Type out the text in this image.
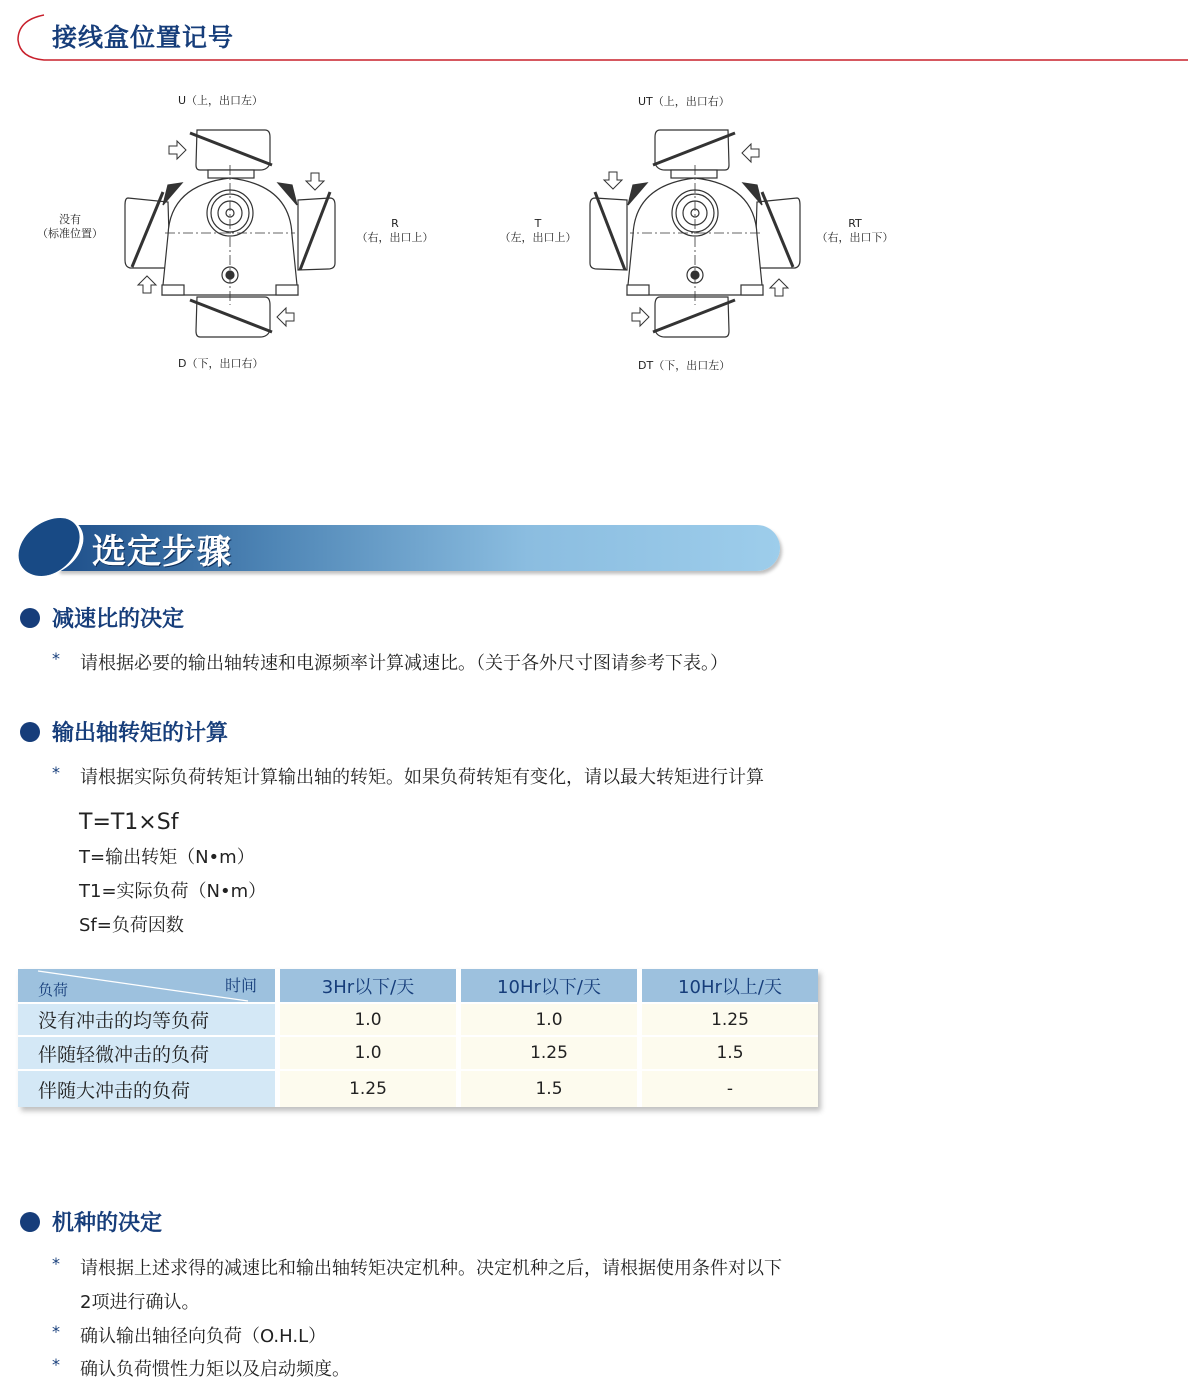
接线盒位置记号
U（上，出口左）
没有
（标准位置）
R
（右，出口上）
D（下，出口右）
UT（上，出口右）
T
（左，出口上）
RT
（右，出口下）
DT（下，出口左）
选定步骤
减速比的决定
*	请根据必要的输出轴转速和电源频率计算减速比。（关于各外尺寸图请参考下表。）
输出轴转矩的计算
*	请根据实际负荷转矩计算输出轴的转矩。如果负荷转矩有变化，请以最大转矩进行计算
T=T1×Sf
T=输出转矩（N•m）
T1=实际负荷（N•m）
Sf=负荷因数
负荷 时间	3Hr以下/天	10Hr以下/天	10Hr以上/天
没有冲击的均等负荷	1.0	1.0	1.25
伴随轻微冲击的负荷	1.0	1.25	1.5
伴随大冲击的负荷	1.25	1.5	-
机种的决定
*	请根据上述求得的减速比和输出轴转矩决定机种。决定机种之后，请根据使用条件对以下
2项进行确认。
*	确认输出轴径向负荷（O.H.L）
*	确认负荷惯性力矩以及启动频度。
